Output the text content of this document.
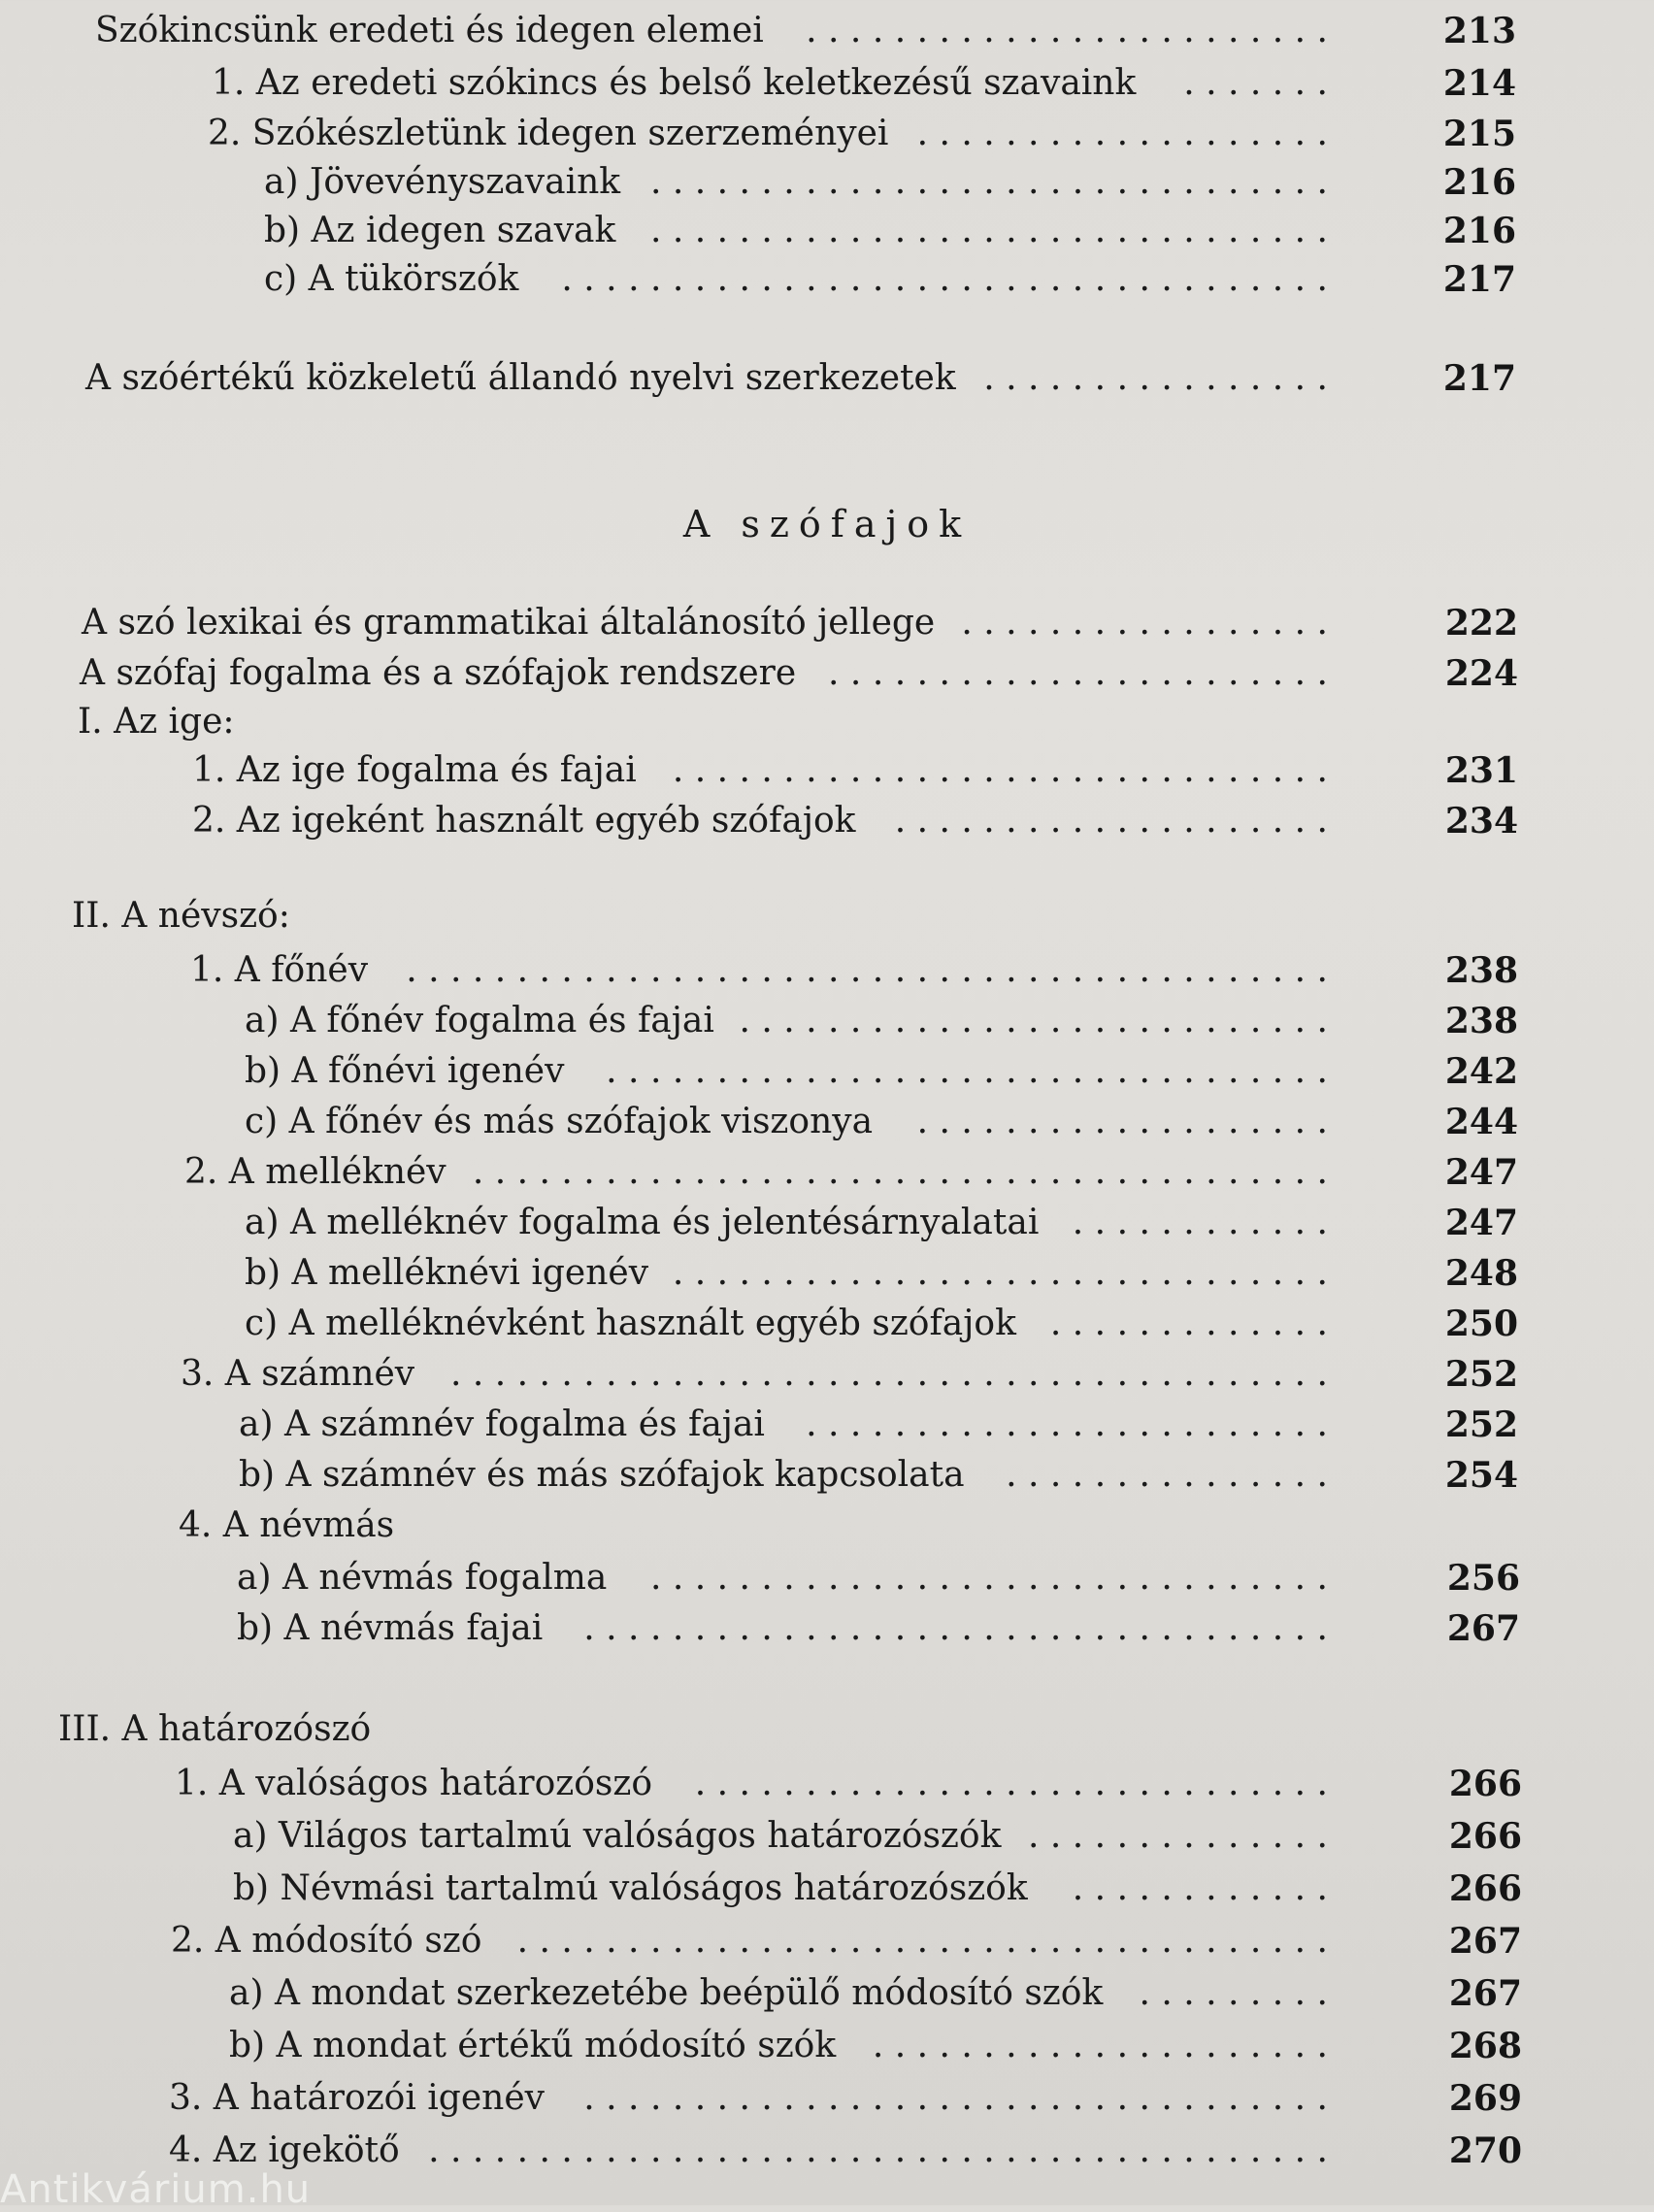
Szókincsünk eredeti és idegen elemei	. . . . . . . . . . . . . . . . . . . . . . . .	213
1. Az eredeti szókincs és belső keletkezésű szavaink	. . . . . . .	214
2. Szókészletünk idegen szerzeményei . . . . . . . . . . . . . . . . . . .	215
a) Jövevényszavaink . . . . . . . . . . . . . . . . . . . . . . . . . . . . . . .	216
b) Az idegen szavak . . . . . . . . . . . . . . . . . . . . . . . . . . . . . . .	216
c) A tükörszók	. . . . . . . . . . . . . . . . . . . . . . . . . . . . . . . . . . .	217
A szóértékű közkeletű állandó nyelvi szerkezetek . . . . . . . . . . . . . . . .	217
A szófajok
A szó lexikai és grammatikai általánosító jellege . . . . . . . . . . . . . . . . .	222
A szófaj fogalma és a szófajok rendszere . . . . . . . . . . . . . . . . . . . . . . .	224
I. Az ige:
1. Az ige fogalma és fajai	. . . . . . . . . . . . . . . . . . . . . . . . . . . . . .	231
2. Az igeként használt egyéb szófajok	. . . . . . . . . . . . . . . . . . . .	234
II. A névszó:
1. A főnév	. . . . . . . . . . . . . . . . . . . . . . . . . . . . . . . . . . . . . . . . . .	238
a) A főnév fogalma és fajai . . . . . . . . . . . . . . . . . . . . . . . . . . .	238
b) A főnévi igenév	. . . . . . . . . . . . . . . . . . . . . . . . . . . . . . . . .	242
c) A főnév és más szófajok viszonya	. . . . . . . . . . . . . . . . . . .	244
2. A melléknév . . . . . . . . . . . . . . . . . . . . . . . . . . . . . . . . . . . . . . .	247
a) A melléknév fogalma és jelentésárnyalatai . . . . . . . . . . . .	247
b) A melléknévi igenév . . . . . . . . . . . . . . . . . . . . . . . . . . . . . .	248
c) A melléknévként használt egyéb szófajok . . . . . . . . . . . . .	250
3. A számnév	. . . . . . . . . . . . . . . . . . . . . . . . . . . . . . . . . . . . . . . .	252
a) A számnév fogalma és fajai	. . . . . . . . . . . . . . . . . . . . . . . .	252
b) A számnév és más szófajok kapcsolata	. . . . . . . . . . . . . . .	254
4. A névmás
a) A névmás fogalma	. . . . . . . . . . . . . . . . . . . . . . . . . . . . . . .	256
b) A névmás fajai	. . . . . . . . . . . . . . . . . . . . . . . . . . . . . . . . . .	267
III. A határozószó
1. A valóságos határozószó	. . . . . . . . . . . . . . . . . . . . . . . . . . . . .	266
a) Világos tartalmú valóságos határozószók . . . . . . . . . . . . . .	266
b) Névmási tartalmú valóságos határozószók	. . . . . . . . . . . .	266
2. A módosító szó	. . . . . . . . . . . . . . . . . . . . . . . . . . . . . . . . . . . . .	267
a) A mondat szerkezetébe beépülő módosító szók	. . . . . . . . .	267
b) A mondat értékű módosító szók	. . . . . . . . . . . . . . . . . . . . .	268
3. A határozói igenév	. . . . . . . . . . . . . . . . . . . . . . . . . . . . . . . . . .	269
4. Az igekötő . . . . . . . . . . . . . . . . . . . . . . . . . . . . . . . . . . . . . . . . .	270
Antikvárium.hu
